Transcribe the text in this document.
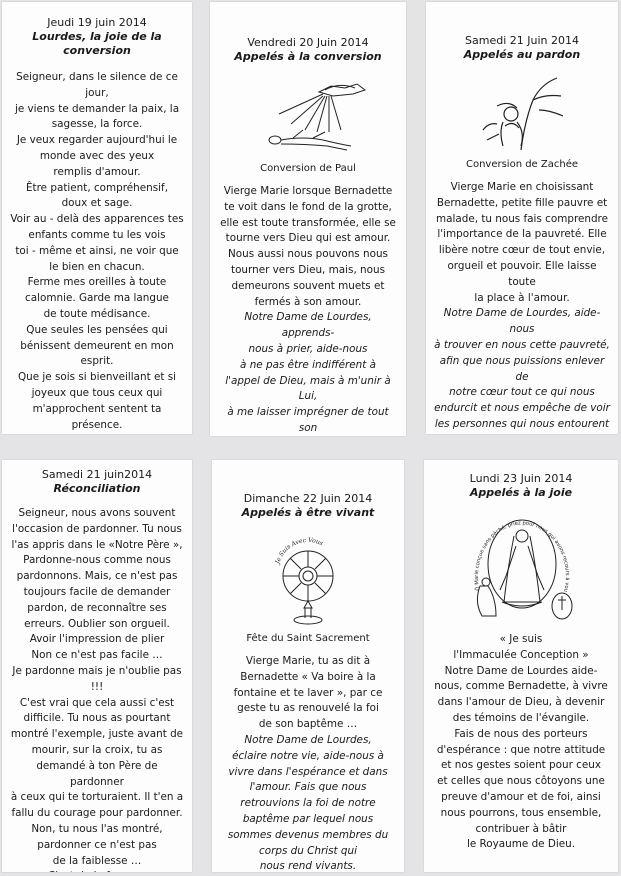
Jeudi 19 juin 2014
Lourdes, la joie de la conversion

Seigneur, dans le silence de ce jour,

je viens te demander la paix, la

sagesse, la force.

Je veux regarder aujourd'hui le

monde avec des yeux

remplis d'amour.

Être patient, compréhensif,

doux et sage.

Voir au - delà des apparences tes

enfants comme tu les vois

toi - même et ainsi, ne voir que

le bien en chacun.

Ferme mes oreilles à toute

calomnie. Garde ma langue

de toute médisance.

Que seules les pensées qui

bénissent demeurent en mon esprit.

Que je sois si bienveillant et si

joyeux que tous ceux qui

m'approchent sentent ta présence.

Vendredi 20 Juin 2014
Appelés à la conversion
Conversion de Paul

Vierge Marie lorsque Bernadette

te voit dans le fond de la grotte,

elle est toute transformée, elle se

tourne vers Dieu qui est amour.

Nous aussi nous pouvons nous

tourner vers Dieu, mais, nous

demeurons souvent muets et

fermés à son amour.

Notre Dame de Lourdes, apprends-

nous à prier, aide-nous

à ne pas être indifférent à

l'appel de Dieu, mais à m'unir à Lui,

à me laisser imprégner de tout son

Samedi 21 Juin 2014
Appelés au pardon
Conversion de Zachée

Vierge Marie en choisissant

Bernadette, petite fille pauvre et

malade, tu nous fais comprendre

l'importance de la pauvreté. Elle

libère notre cœur de tout envie,

orgueil et pouvoir. Elle laisse toute

la place à l'amour.

Notre Dame de Lourdes, aide-nous

à trouver en nous cette pauvreté,

afin que nous puissions enlever de

notre cœur tout ce qui nous

endurcit et nous empêche de voir

les personnes qui nous entourent

Samedi 21 juin2014
Réconciliation

Seigneur, nous avons souvent

l'occasion de pardonner. Tu nous

l'as appris dans le «Notre Père »,

Pardonne-nous comme nous

pardonnons. Mais, ce n'est pas

toujours facile de demander

pardon, de reconnaître ses

erreurs. Oublier son orgueil.

Avoir l'impression de plier

Non ce n'est pas facile …

Je pardonne mais je n'oublie pas !!!

C'est vrai que cela aussi c'est

difficile. Tu nous as pourtant

montré l'exemple, juste avant de

mourir, sur la croix, tu as

demandé à ton Père de pardonner

à ceux qui te torturaient. Il t'en a

fallu du courage pour pardonner.

Non, tu nous l'as montré,

pardonner ce n'est pas

de la faiblesse …

Dimanche 22 Juin 2014
Appelés à être vivant
Je Suis Avec Vous
Fête du Saint Sacrement

Vierge Marie, tu as dit à

Bernadette « Va boire à la

fontaine et te laver », par ce

geste tu as renouvelé la foi

de son baptême …

Notre Dame de Lourdes,

éclaire notre vie, aide-nous à

vivre dans l'espérance et dans

l'amour. Fais que nous

retrouvions la foi de notre

baptême par lequel nous

sommes devenus membres du

corps du Christ qui

nous rend vivants.

Lundi 23 Juin 2014
Appelés à la joie
Ô Marie conçue sans péché, priez pour nous qui avons recours à vou

« Je suis

l'Immaculée Conception »

Notre Dame de Lourdes aide-

nous, comme Bernadette, à vivre

dans l'amour de Dieu, à devenir

des témoins de l'évangile.

Fais de nous des porteurs

d'espérance : que notre attitude

et nos gestes soient pour ceux

et celles que nous côtoyons une

preuve d'amour et de foi, ainsi

nous pourrons, tous ensemble,

contribuer à bâtir

le Royaume de Dieu.
